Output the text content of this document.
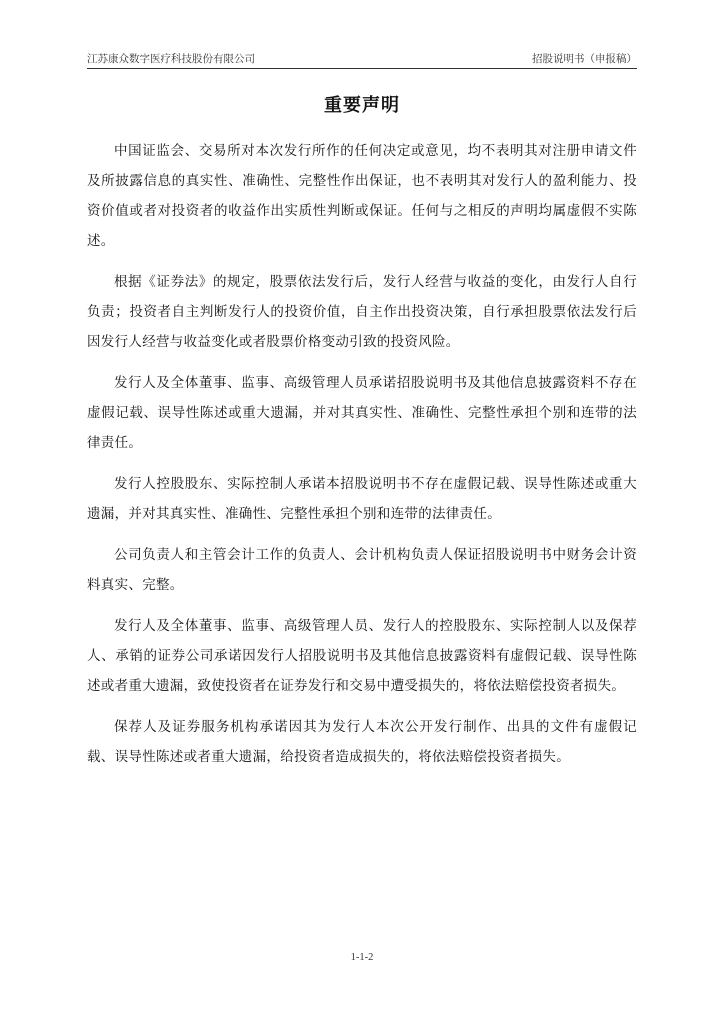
江苏康众数字医疗科技股份有限公司	招股说明书（申报稿）
重要声明

中国证监会、交易所对本次发行所作的任何决定或意见，均不表明其对注册申请文件及所披露信息的真实性、准确性、完整性作出保证，也不表明其对发行人的盈利能力、投资价值或者对投资者的收益作出实质性判断或保证。任何与之相反的声明均属虚假不实陈述。

根据《证券法》的规定，股票依法发行后，发行人经营与收益的变化，由发行人自行负责；投资者自主判断发行人的投资价值，自主作出投资决策，自行承担股票依法发行后因发行人经营与收益变化或者股票价格变动引致的投资风险。

发行人及全体董事、监事、高级管理人员承诺招股说明书及其他信息披露资料不存在虚假记载、误导性陈述或重大遗漏，并对其真实性、准确性、完整性承担个别和连带的法律责任。

发行人控股股东、实际控制人承诺本招股说明书不存在虚假记载、误导性陈述或重大遗漏，并对其真实性、准确性、完整性承担个别和连带的法律责任。

公司负责人和主管会计工作的负责人、会计机构负责人保证招股说明书中财务会计资料真实、完整。

发行人及全体董事、监事、高级管理人员、发行人的控股股东、实际控制人以及保荐人、承销的证券公司承诺因发行人招股说明书及其他信息披露资料有虚假记载、误导性陈述或者重大遗漏，致使投资者在证券发行和交易中遭受损失的，将依法赔偿投资者损失。

保荐人及证券服务机构承诺因其为发行人本次公开发行制作、出具的文件有虚假记载、误导性陈述或者重大遗漏，给投资者造成损失的，将依法赔偿投资者损失。

1-1-2
